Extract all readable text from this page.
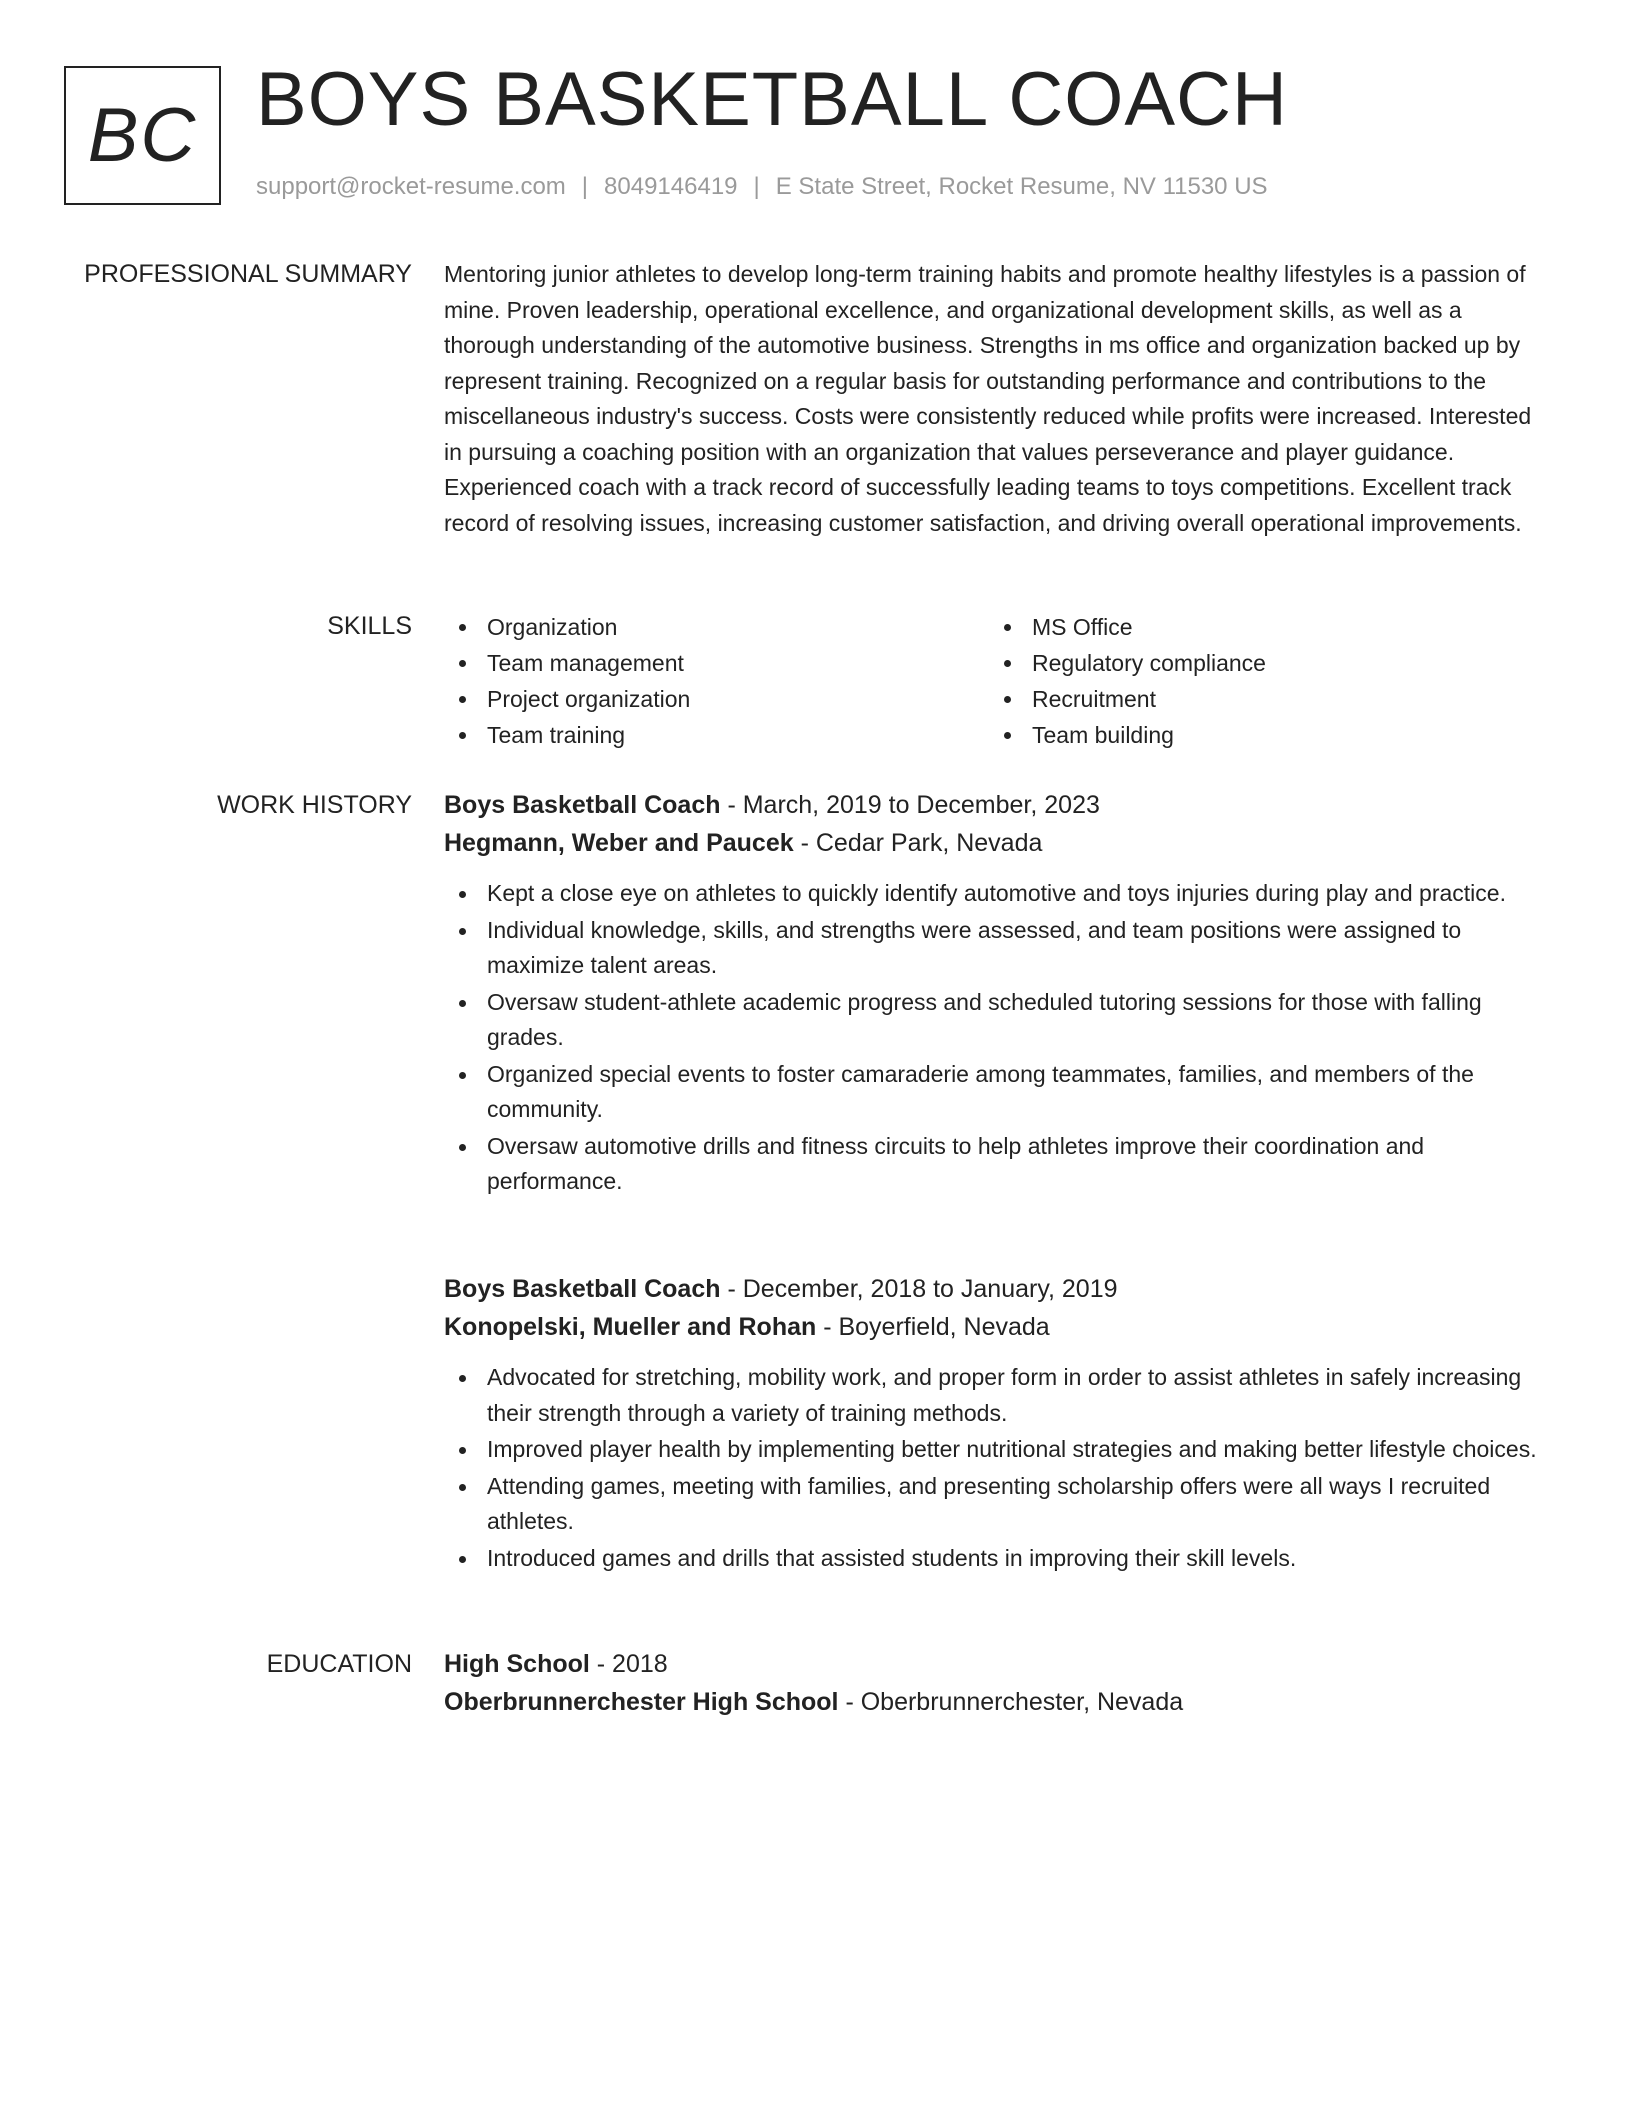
BC BOYS BASKETBALL COACH
support@rocket-resume.com | 8049146419 | E State Street, Rocket Resume, NV 11530 US
PROFESSIONAL SUMMARY Mentoring junior athletes to develop long-term training habits and promote healthy lifestyles is a passion of mine. Proven leadership, operational excellence, and organizational development skills, as well as a thorough understanding of the automotive business. Strengths in ms office and organization backed up by represent training. Recognized on a regular basis for outstanding performance and contributions to the miscellaneous industry's success. Costs were consistently reduced while profits were increased. Interested in pursuing a coaching position with an organization that values perseverance and player guidance. Experienced coach with a track record of successfully leading teams to toys competitions. Excellent track record of resolving issues, increasing customer satisfaction, and driving overall operational improvements.

SKILLS	Organization	MS Office
Team management	Regulatory compliance
Project organization	Recruitment
Team training	Team building
WORK HISTORY Boys Basketball Coach - March, 2019 to December, 2023
Hegmann, Weber and Paucek - Cedar Park, Nevada
Kept a close eye on athletes to quickly identify automotive and toys injuries during play and practice.
Individual knowledge, skills, and strengths were assessed, and team positions were assigned to maximize talent areas.
Oversaw student-athlete academic progress and scheduled tutoring sessions for those with falling grades.
Organized special events to foster camaraderie among teammates, families, and members of the community.
Oversaw automotive drills and fitness circuits to help athletes improve their coordination and performance.
Boys Basketball Coach - December, 2018 to January, 2019
Konopelski, Mueller and Rohan - Boyerfield, Nevada
Advocated for stretching, mobility work, and proper form in order to assist athletes in safely increasing their strength through a variety of training methods.
Improved player health by implementing better nutritional strategies and making better lifestyle choices.
Attending games, meeting with families, and presenting scholarship offers were all ways I recruited athletes.
Introduced games and drills that assisted students in improving their skill levels.
EDUCATION High School - 2018
Oberbrunnerchester High School - Oberbrunnerchester, Nevada
